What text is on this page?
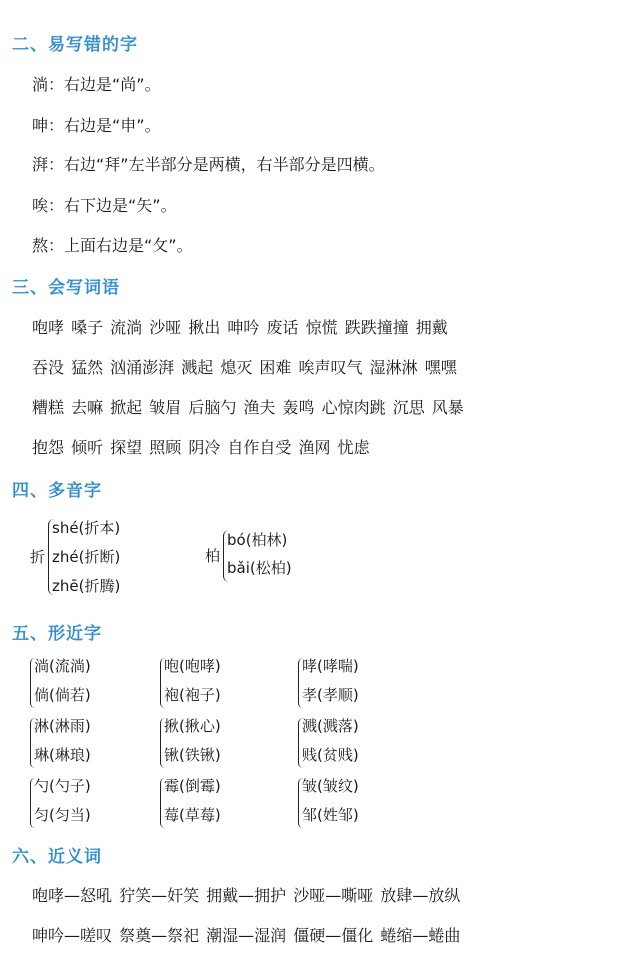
二、易写错的字
淌：右边是“尚”。
呻：右边是“申”。
湃：右边“拜”左半部分是两横，右半部分是四横。
唉：右下边是“矢”。
熬：上面右边是“攵”。
三、会写词语
咆哮 嗓子 流淌 沙哑 揪出 呻吟 废话 惊慌 跌跌撞撞 拥戴
吞没 猛然 汹涌澎湃 溅起 熄灭 困难 唉声叹气 湿淋淋 嘿嘿
糟糕 去嘛 掀起 皱眉 后脑勺 渔夫 轰鸣 心惊肉跳 沉思 风暴
抱怨 倾听 探望 照顾 阴冷 自作自受 渔网 忧虑
四、多音字
折
shé(折本)
zhé(折断)
zhē(折腾)
柏
bó(柏林)
bǎi(松柏)
五、形近字
淌(流淌)
倘(倘若)
咆(咆哮)
袍(袍子)
哮(哮喘)
孝(孝顺)
淋(淋雨)
琳(琳琅)
揪(揪心)
锹(铁锹)
溅(溅落)
贱(贫贱)
勺(勺子)
匀(匀当)
霉(倒霉)
莓(草莓)
皱(皱纹)
邹(姓邹)
六、近义词
咆哮—怒吼 狞笑—奸笑 拥戴—拥护 沙哑—嘶哑 放肆—放纵
呻吟—嗟叹 祭奠—祭祀 潮湿—湿润 僵硬—僵化 蜷缩—蜷曲
